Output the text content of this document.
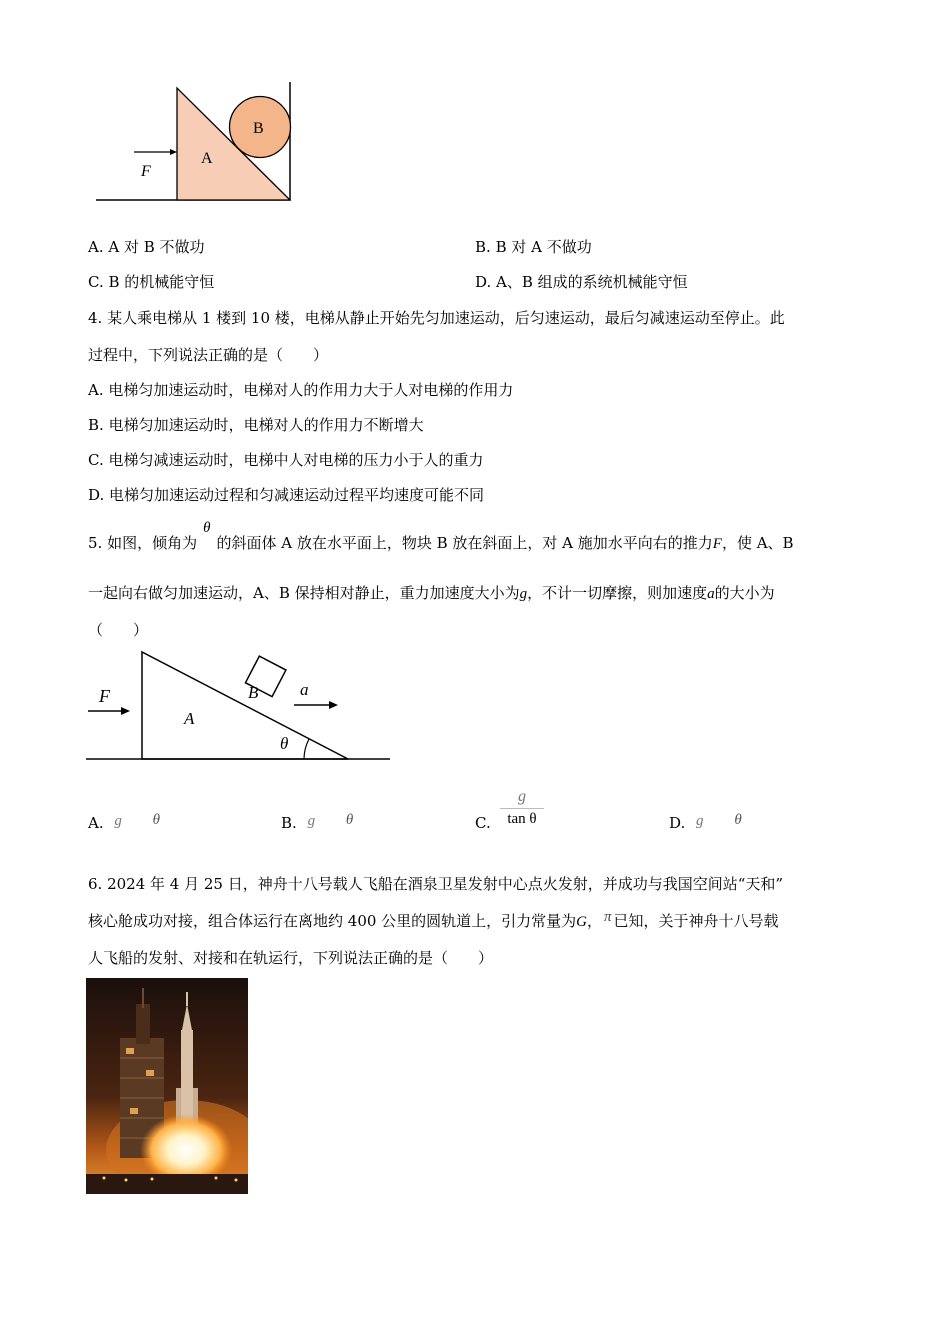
A
B
F
A. A 对 B 不做功	B. B 对 A 不做功
C. B 的机械能守恒	D. A、B 组成的系统机械能守恒
4. 某人乘电梯从 1 楼到 10 楼，电梯从静止开始先匀加速运动，后匀速运动，最后匀减速运动至停止。此
过程中，下列说法正确的是（　　）
A. 电梯匀加速运动时，电梯对人的作用力大于人对电梯的作用力
B. 电梯匀加速运动时，电梯对人的作用力不断增大
C. 电梯匀减速运动时，电梯中人对电梯的压力小于人的重力
D. 电梯匀加速运动过程和匀减速运动过程平均速度可能不同
5. 如图，倾角为θ的斜面体 A 放在水平面上，物块 B 放在斜面上，对 A 施加水平向右的推力F，使 A、B
一起向右做匀加速运动，A、B 保持相对静止，重力加速度大小为g，不计一切摩擦，则加速度a的大小为
（　　）
F
A
B a
θ
A. g θ	B. g θ	C.
g
tan θ	D. g θ
6. 2024 年 4 月 25 日，神舟十八号载人飞船在酒泉卫星发射中心点火发射，并成功与我国空间站“天和”
核心舱成功对接，组合体运行在离地约 400 公里的圆轨道上，引力常量为G， π 已知，关于神舟十八号载
人飞船的发射、对接和在轨运行，下列说法正确的是（　　）
